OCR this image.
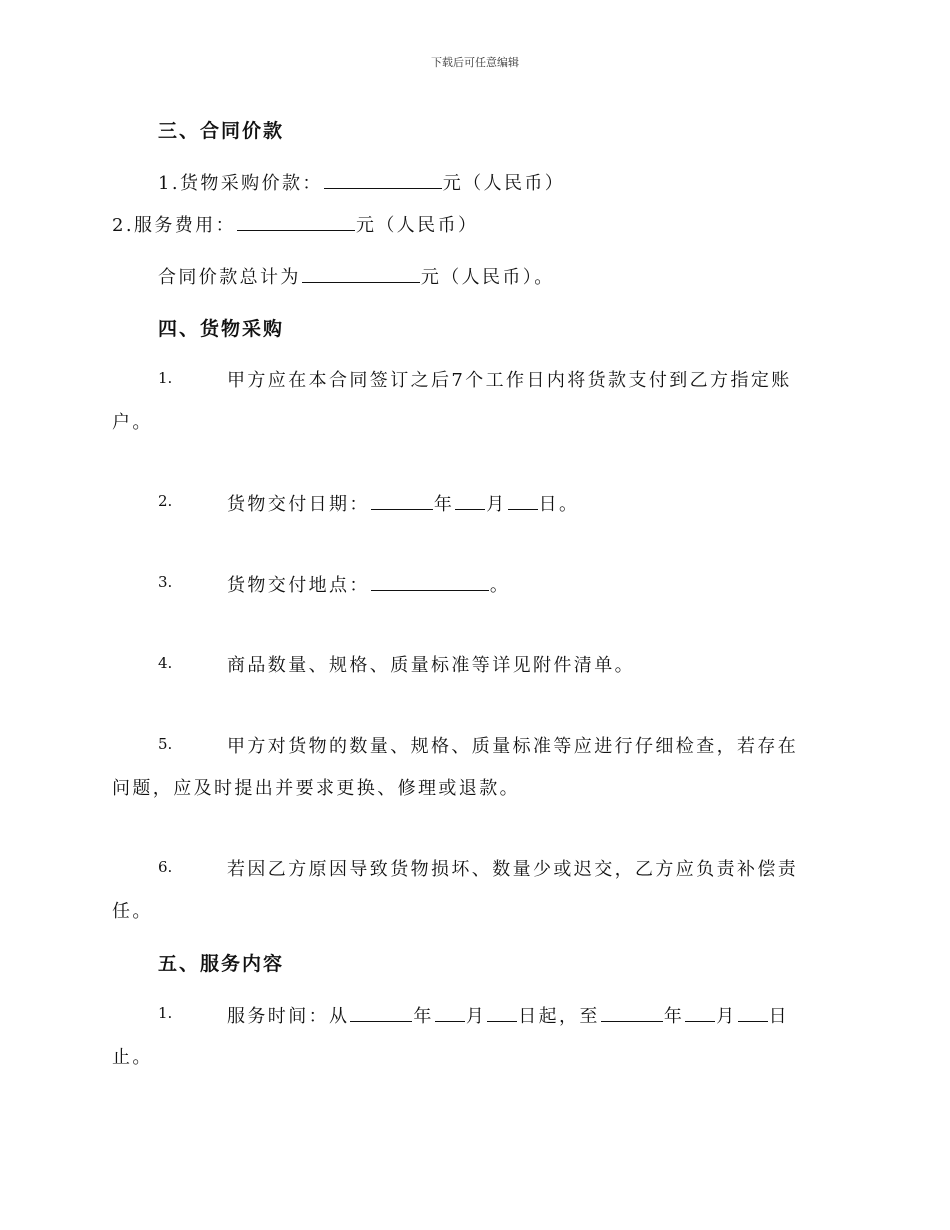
下载后可任意编辑
三、合同价款
1.货物采购价款：	元（人民币）
2.服务费用：	元（人民币）
合同价款总计为	元（人民币）。
四、货物采购
1.	甲方应在本合同签订之后7个工作日内将货款支付到乙方指定账
户。
2.	货物交付日期：	年 月 日。
3.	货物交付地点：	。
4.	商品数量、规格、质量标准等详见附件清单。
5.	甲方对货物的数量、规格、质量标准等应进行仔细检查，若存在
问题，应及时提出并要求更换、修理或退款。
6.	若因乙方原因导致货物损坏、数量少或迟交，乙方应负责补偿责
任。
五、服务内容
1.	服务时间：从	年 月 日起，至	年 月 日
止。
